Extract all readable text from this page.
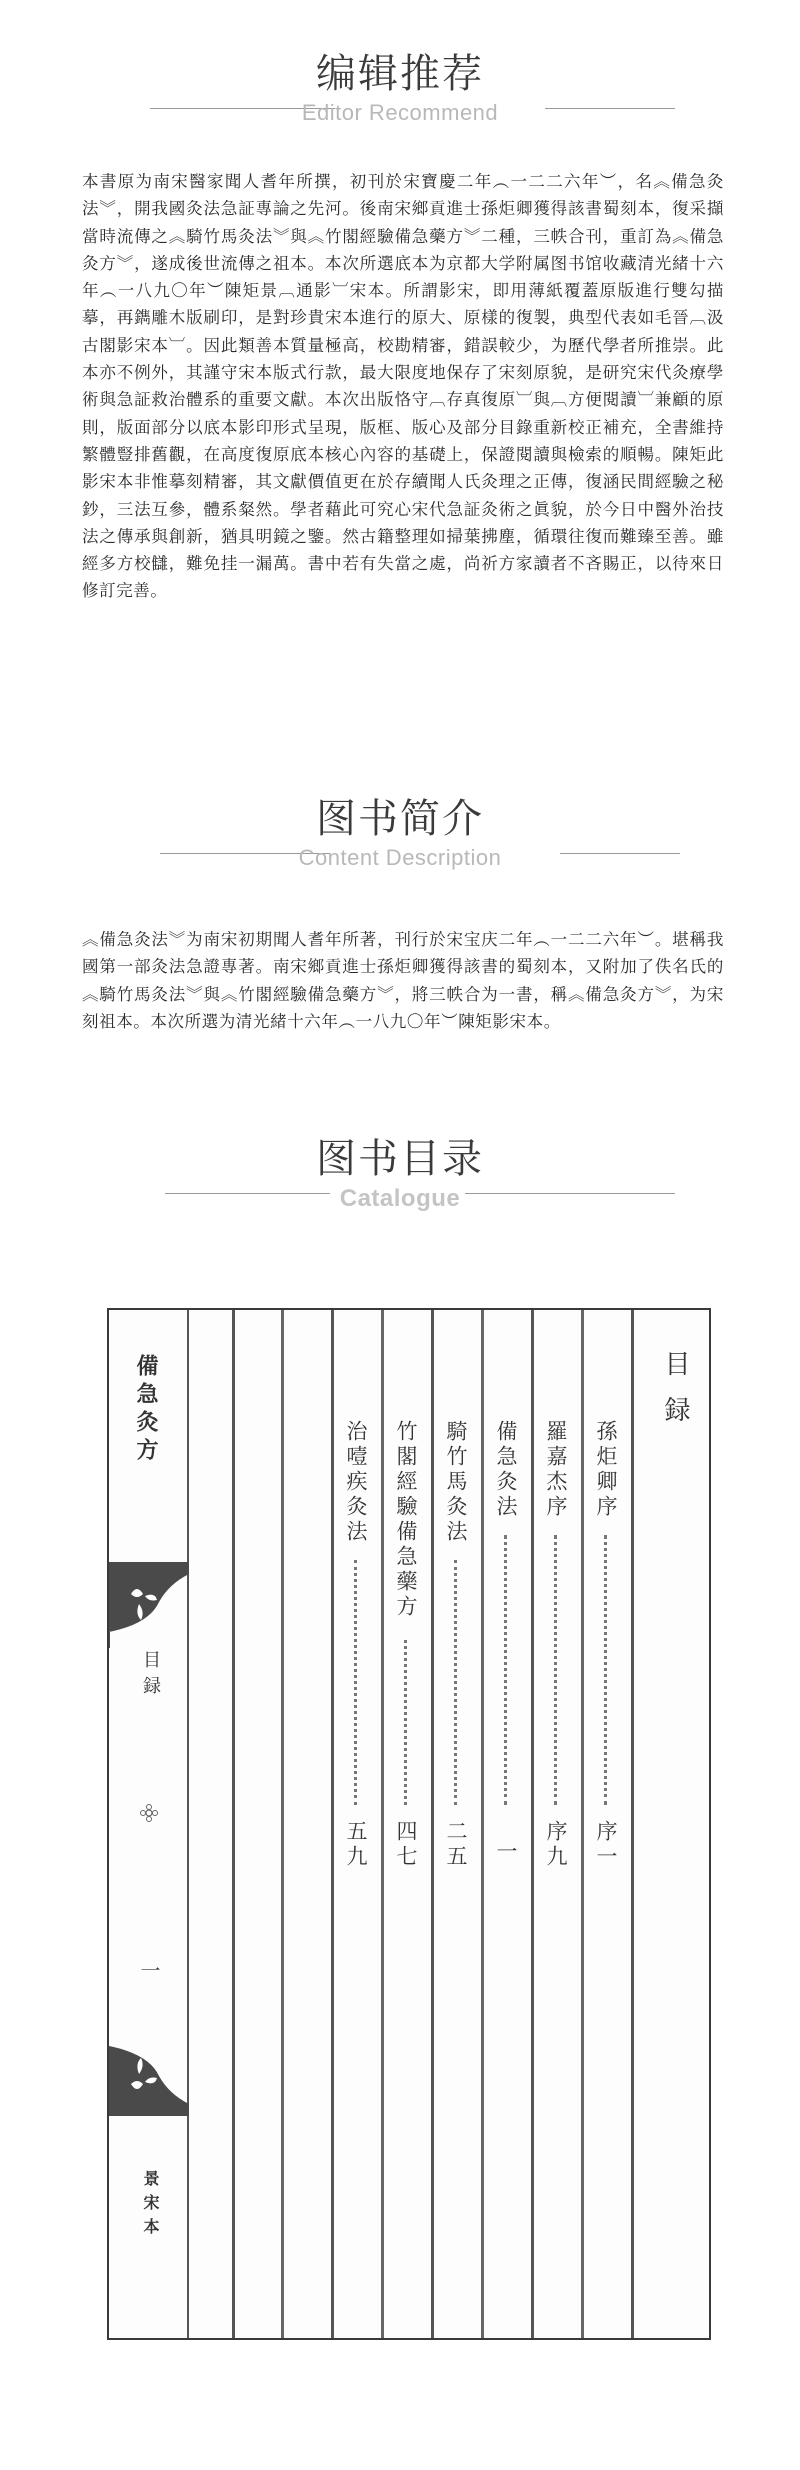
编辑推荐
Editor Recommend
本書原为南宋醫家聞人耆年所撰，初刊於宋寶慶二年︵一二二六年︶，名︽備急灸法︾，開我國灸法急証專論之先河。後南宋鄉貢進士孫炬卿獲得該書蜀刻本，復采擷當時流傳之︽騎竹馬灸法︾與︽竹閣經驗備急藥方︾二種，三帙合刊，重訂為︽備急灸方︾，遂成後世流傳之祖本。本次所選底本为京都大学附属图书馆收藏清光緒十六年︵一八九〇年︶陳矩景︹通影︺宋本。所謂影宋，即用薄紙覆蓋原版進行雙勾描摹，再鐫雕木版刷印，是對珍貴宋本進行的原大、原樣的復製，典型代表如毛晉︹汲古閣影宋本︺。因此類善本質量極高，校勘精審，錯誤較少，为歷代學者所推崇。此本亦不例外，其謹守宋本版式行款，最大限度地保存了宋刻原貌，是研究宋代灸療學術與急証救治體系的重要文獻。本次出版恪守︹存真復原︺與︹方便閱讀︺兼顧的原則，版面部分以底本影印形式呈現，版框、版心及部分目錄重新校正補充，全書維持繁體豎排舊觀，在高度復原底本核心內容的基礎上，保證閱讀與檢索的順暢。陳矩此影宋本非惟摹刻精審，其文獻價值更在於存續聞人氏灸理之正傳，復涵民間經驗之秘鈔，三法互參，體系粲然。學者藉此可究心宋代急証灸術之眞貌，於今日中醫外治技法之傳承與創新，猶具明鏡之鑒。然古籍整理如掃葉拂塵，循環往復而難臻至善。雖經多方校讎，難免挂一漏萬。書中若有失當之處，尚祈方家讀者不吝賜正，以待來日修訂完善。
图书简介
Content Description
︽備急灸法︾为南宋初期聞人耆年所著，刊行於宋宝庆二年︵一二二六年︶。堪稱我國第一部灸法急證專著。南宋鄉貢進士孫炬卿獲得該書的蜀刻本，又附加了佚名氏的︽騎竹馬灸法︾與︽竹閣經驗備急藥方︾，將三帙合为一書，稱︽備急灸方︾，为宋刻祖本。本次所選为清光緒十六年︵一八九〇年︶陳矩影宋本。
图书目录
Catalogue
備急灸方
目録
一
景宋本
目録
孫炬卿序
序一
羅嘉杰序
序九
備急灸法
一
騎竹馬灸法
二五
竹閣經驗備急藥方
四七
治噎疾灸法
五九
